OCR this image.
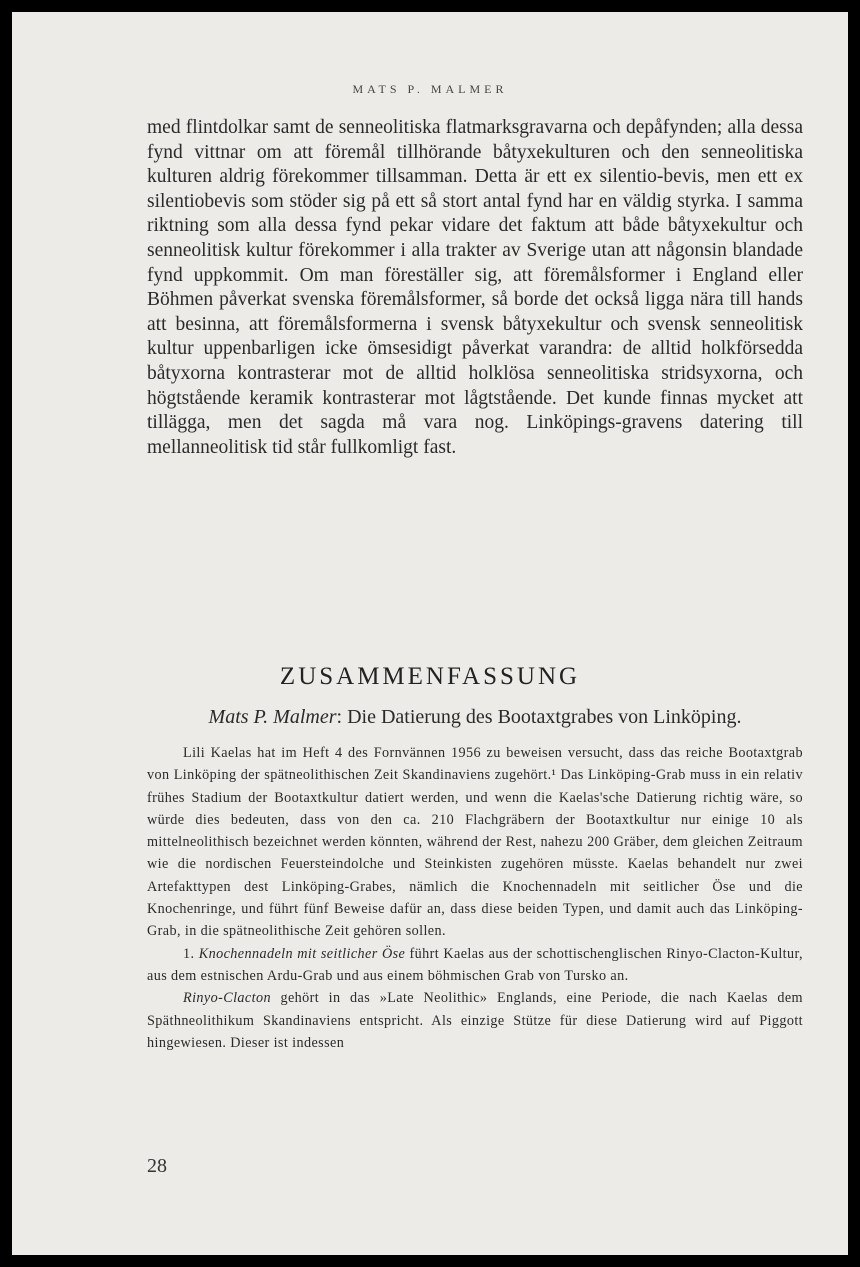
MATS P. MALMER

med flintdolkar samt de senneolitiska flatmarksgravarna och depåfynden; alla dessa fynd vittnar om att föremål tillhörande båtyxekulturen och den senneolitiska kulturen aldrig förekommer tillsamman. Detta är ett ex silentio-bevis, men ett ex silentiobevis som stöder sig på ett så stort antal fynd har en väldig styrka. I samma riktning som alla dessa fynd pekar vidare det faktum att både båtyxekultur och senneolitisk kultur förekommer i alla trakter av Sverige utan att någonsin blandade fynd uppkommit. Om man föreställer sig, att föremålsformer i England eller Böhmen påverkat svenska föremålsformer, så borde det också ligga nära till hands att besinna, att föremålsformerna i svensk båtyxekultur och svensk senneolitisk kultur uppenbarligen icke ömsesidigt påverkat varandra: de alltid holkförsedda båtyxorna kontrasterar mot de alltid holklösa senneolitiska stridsyxorna, och högtstående keramik kontrasterar mot lågtstående. Det kunde finnas mycket att tillägga, men det sagda må vara nog. Linköpings-gravens datering till mellanneolitisk tid står fullkomligt fast.

ZUSAMMENFASSUNG
Mats P. Malmer: Die Datierung des Bootaxtgrabes von Linköping.

Lili Kaelas hat im Heft 4 des Fornvännen 1956 zu beweisen versucht, dass das reiche Bootaxtgrab von Linköping der spätneolithischen Zeit Skandinaviens zugehört.¹ Das Linköping-Grab muss in ein relativ frühes Stadium der Bootaxtkultur datiert werden, und wenn die Kaelas'sche Datierung richtig wäre, so würde dies bedeuten, dass von den ca. 210 Flachgräbern der Bootaxtkultur nur einige 10 als mittelneolithisch bezeichnet werden könnten, während der Rest, nahezu 200 Gräber, dem gleichen Zeitraum wie die nordischen Feuersteindolche und Steinkisten zugehören müsste. Kaelas behandelt nur zwei Artefakttypen dest Linköping-Grabes, nämlich die Knochennadeln mit seitlicher Öse und die Knochenringe, und führt fünf Beweise dafür an, dass diese beiden Typen, und damit auch das Linköping-Grab, in die spätneolithische Zeit gehören sollen.

1. Knochennadeln mit seitlicher Öse führt Kaelas aus der schottischenglischen Rinyo-Clacton-Kultur, aus dem estnischen Ardu-Grab und aus einem böhmischen Grab von Tursko an.

Rinyo-Clacton gehört in das »Late Neolithic» Englands, eine Periode, die nach Kaelas dem Späthneolithikum Skandinaviens entspricht. Als einzige Stütze für diese Datierung wird auf Piggott hingewiesen. Dieser ist indessen

28
